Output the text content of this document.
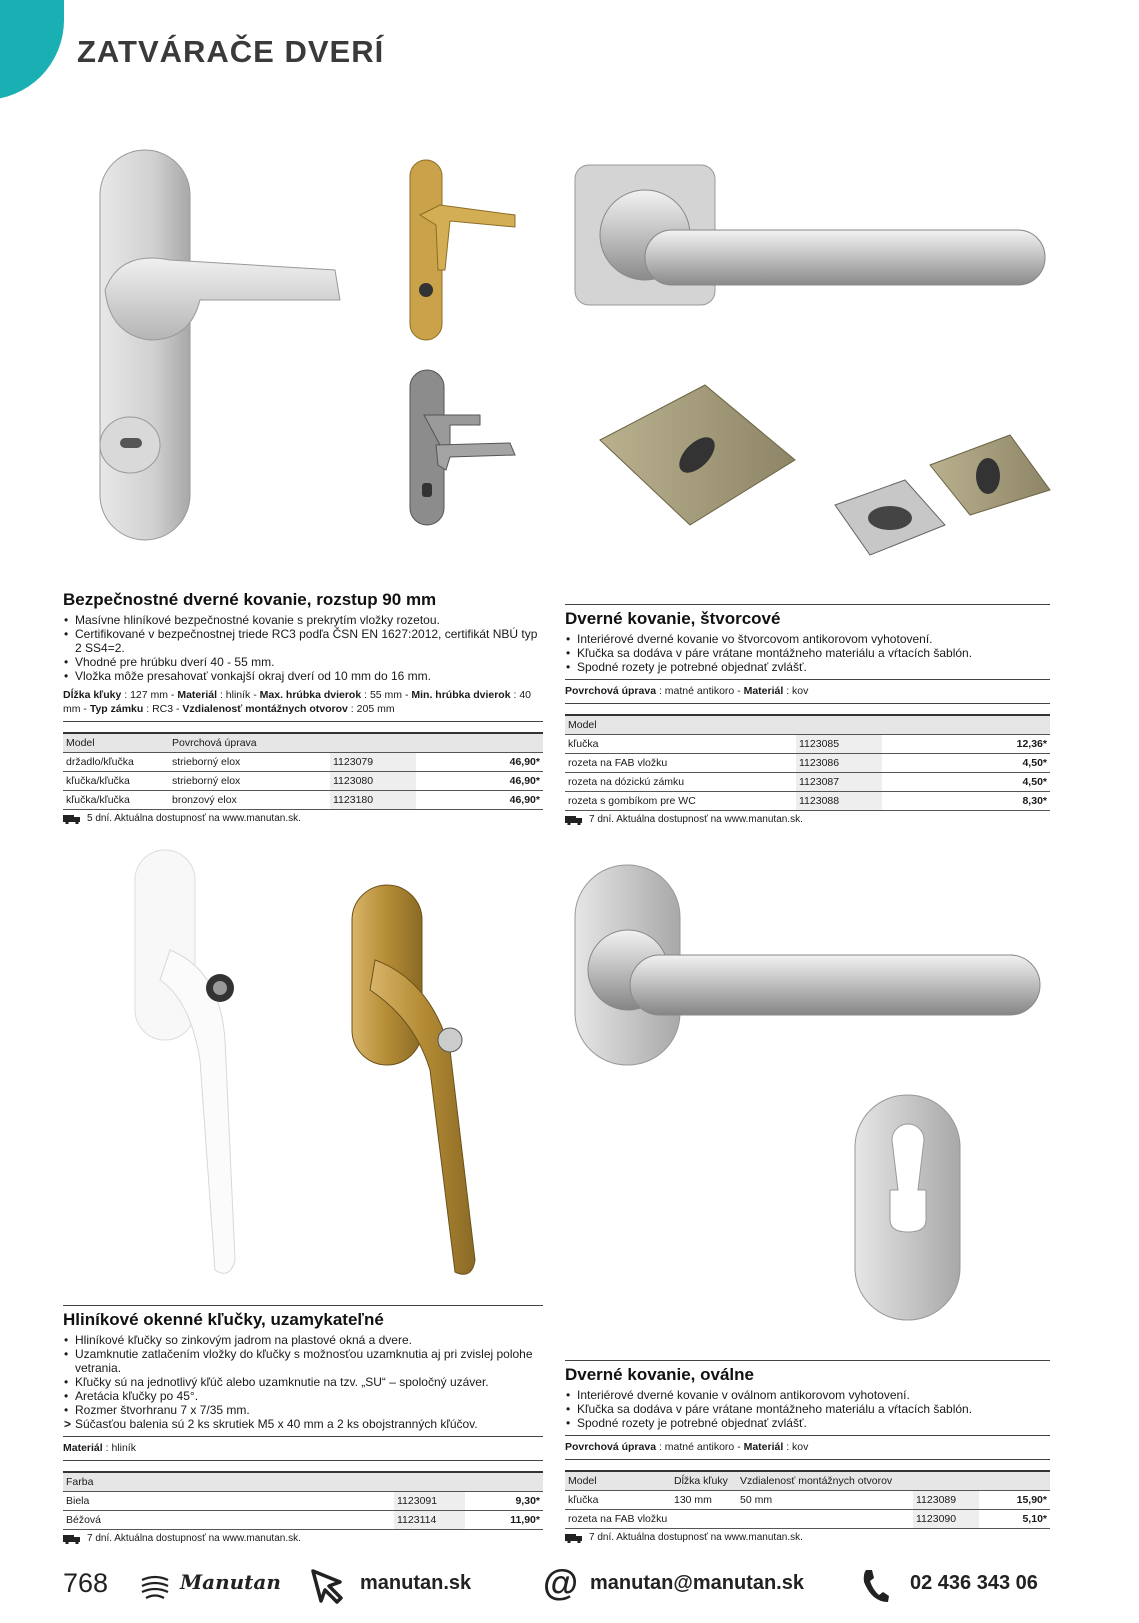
ZATVÁRAČE DVERÍ
Bezpečnostné dverné kovanie, rozstup 90 mm
• Masívne hliníkové bezpečnostné kovanie s prekrytím vložky rozetou.
• Certifikované v bezpečnostnej triede RC3 podľa ČSN EN 1627:2012, certifikát NBÚ typ 2 SS4=2.
• Vhodné pre hrúbku dverí 40 - 55 mm.
• Vložka môže presahovať vonkajší okraj dverí od 10 mm do 16 mm.
Dĺžka kľuky : 127 mm - Materiál : hliník - Max. hrúbka dvierok : 55 mm - Min. hrúbka dvierok : 40 mm - Typ zámku : RC3 - Vzdialenosť montážnych otvorov : 205 mm
Model	Povrchová úprava			
držadlo/kľučka	strieborný elox	1123079		46,90*
kľučka/kľučka	strieborný elox	1123080		46,90*
kľučka/kľučka	bronzový elox	1123180		46,90*
5 dní. Aktuálna dostupnosť na www.manutan.sk.
Dverné kovanie, štvorcové
• Interiérové dverné kovanie vo štvorcovom antikorovom vyhotovení.
• Kľučka sa dodáva v páre vrátane montážneho materiálu a vŕtacích šablón.
• Spodné rozety je potrebné objednať zvlášť.
Povrchová úprava : matné antikoro - Materiál : kov
Model			
kľučka	1123085		12,36*
rozeta na FAB vložku	1123086		4,50*
rozeta na dózickú zámku	1123087		4,50*
rozeta s gombíkom pre WC	1123088		8,30*
7 dní. Aktuálna dostupnosť na www.manutan.sk.
Hliníkové okenné kľučky, uzamykateľné
• Hliníkové kľučky so zinkovým jadrom na plastové okná a dvere.
• Uzamknutie zatlačením vložky do kľučky s možnosťou uzamknutia aj pri zvislej polohe vetrania.
• Kľučky sú na jednotlivý kľúč alebo uzamknutie na tzv. „SU“ – spoločný uzáver.
• Aretácia kľučky po 45°.
• Rozmer štvorhranu 7 x 7/35 mm.
> Súčasťou balenia sú 2 ks skrutiek M5 x 40 mm a 2 ks obojstranných kľúčov.
Materiál : hliník
Farba			
Biela	1123091		9,30*
Béžová	1123114		11,90*
7 dní. Aktuálna dostupnosť na www.manutan.sk.
Dverné kovanie, oválne
• Interiérové dverné kovanie v oválnom antikorovom vyhotovení.
• Kľučka sa dodáva v páre vrátane montážneho materiálu a vŕtacích šablón.
• Spodné rozety je potrebné objednať zvlášť.
Povrchová úprava : matné antikoro - Materiál : kov
Model	Dĺžka kľuky	Vzdialenosť montážnych otvorov			
kľučka	130 mm	50 mm	1123089		15,90*
rozeta na FAB vložku			1123090		5,10*
7 dní. Aktuálna dostupnosť na www.manutan.sk.
768	Manutan	manutan.sk @ manutan@manutan.sk	02 436 343 06
